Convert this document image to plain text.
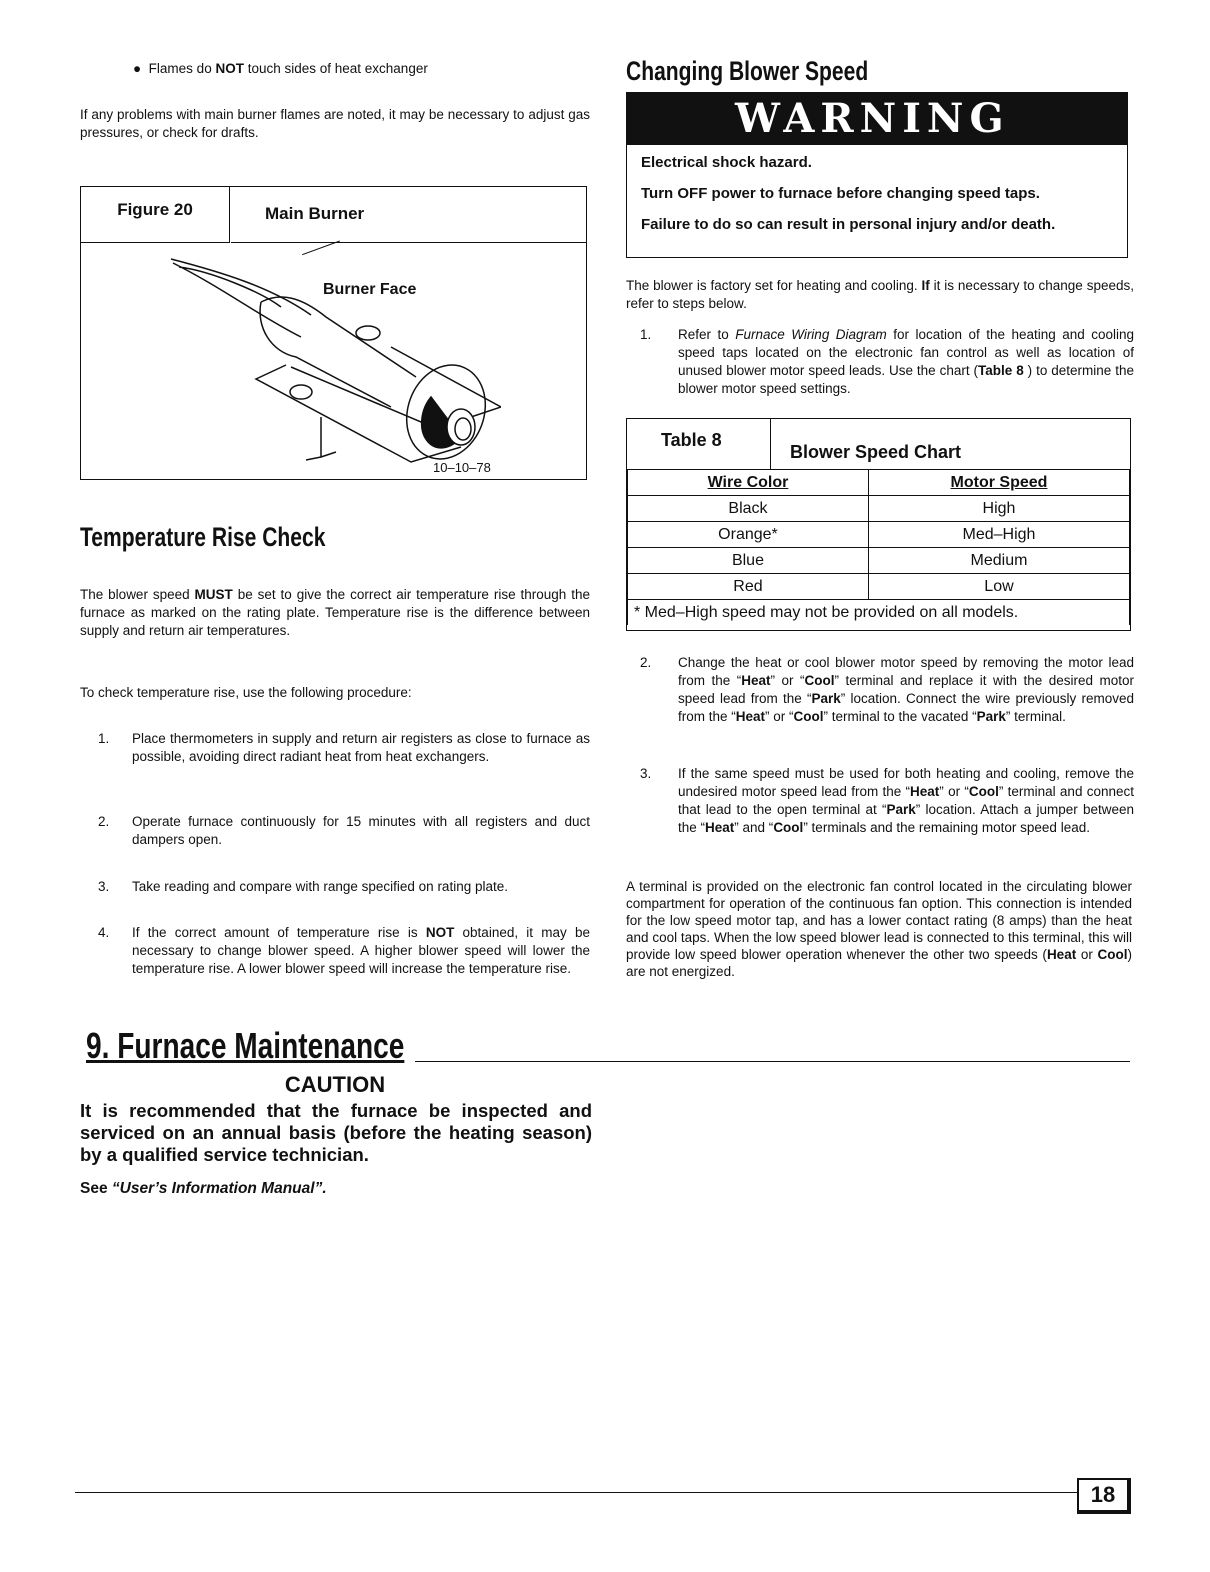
● Flames do NOT touch sides of heat exchanger
If any problems with main burner flames are noted, it may be necessary to adjust gas pressures, or check for drafts.
Figure 20	Main Burner
Burner Face
10–10–78
Temperature Rise Check
The blower speed MUST be set to give the correct air temperature rise through the furnace as marked on the rating plate. Temperature rise is the difference between supply and return air temperatures.
To check temperature rise, use the following procedure:
1. Place thermometers in supply and return air registers as close to furnace as possible, avoiding direct radiant heat from heat exchangers.
2. Operate furnace continuously for 15 minutes with all registers and duct dampers open.
3. Take reading and compare with range specified on rating plate.
4. If the correct amount of temperature rise is NOT obtained, it may be necessary to change blower speed. A higher blower speed will lower the temperature rise. A lower blower speed will increase the temperature rise.
9. Furnace Maintenance
CAUTION
It is recommended that the furnace be inspected and serviced on an annual basis (before the heating season) by a qualified service technician.
See “User’s Information Manual”.
Changing Blower Speed
WARNING
Electrical shock hazard.
Turn OFF power to furnace before changing speed taps.
Failure to do so can result in personal injury and/or death.
The blower is factory set for heating and cooling. If it is necessary to change speeds, refer to steps below.
1. Refer to Furnace Wiring Diagram for location of the heating and cooling speed taps located on the electronic fan control as well as location of unused blower motor speed leads. Use the chart (Table 8 ) to determine the blower motor speed settings.
Table 8
Blower Speed Chart
Wire Color	Motor Speed
Black	High
Orange*	Med–High
Blue	Medium
Red	Low
* Med–High speed may not be provided on all models.	
2. Change the heat or cool blower motor speed by removing the motor lead from the “Heat” or “Cool” terminal and replace it with the desired motor speed lead from the “Park” location. Connect the wire previously removed from the “Heat” or “Cool” terminal to the vacated “Park” terminal.
3. If the same speed must be used for both heating and cooling, remove the undesired motor speed lead from the “Heat” or “Cool” terminal and connect that lead to the open terminal at “Park” location. Attach a jumper between the “Heat” and “Cool” terminals and the remaining motor speed lead.
A terminal is provided on the electronic fan control located in the circulating blower compartment for operation of the continuous fan option. This connection is intended for the low speed motor tap, and has a lower contact rating (8 amps) than the heat and cool taps. When the low speed blower lead is connected to this terminal, this will provide low speed blower operation whenever the other two speeds (Heat or Cool) are not energized.
18
